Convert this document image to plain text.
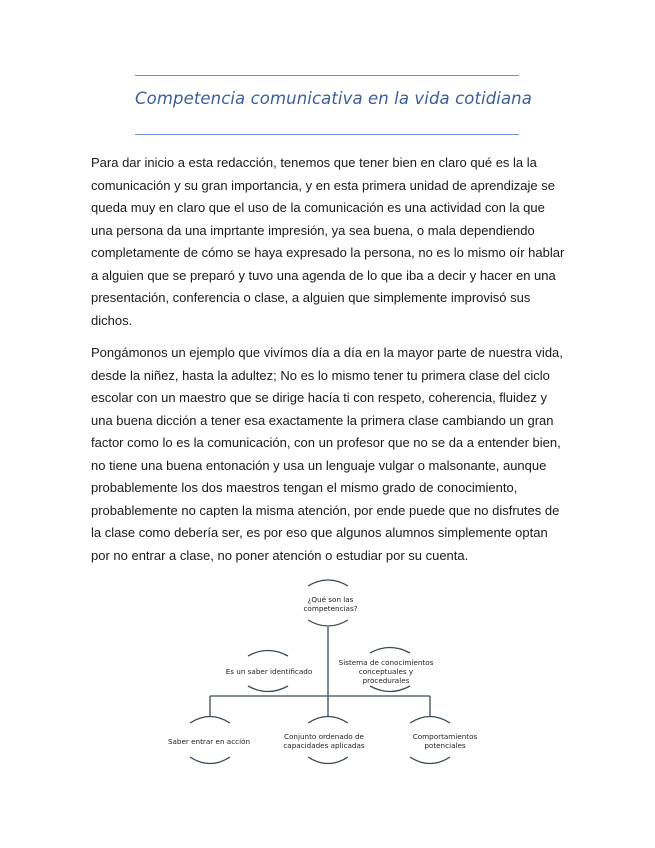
Competencia comunicativa en la vida cotidiana
Para dar inicio a esta redacción, tenemos que tener bien en claro qué es la la
comunicación y su gran importancia, y en esta primera unidad de aprendizaje se
queda muy en claro que el uso de la comunicación es una actividad con la que
una persona da una imprtante impresión, ya sea buena, o mala dependiendo
completamente de cómo se haya expresado la persona, no es lo mismo oír hablar
a alguien que se preparó y tuvo una agenda de lo que iba a decir y hacer en una
presentación, conferencia o clase, a alguien que simplemente improvisó sus
dichos.
Pongámonos un ejemplo que vivímos día a día en la mayor parte de nuestra vida,
desde la niñez, hasta la adultez; No es lo mismo tener tu primera clase del ciclo
escolar con un maestro que se dirige hacía ti con respeto, coherencia, fluidez y
una buena dicción a tener esa exactamente la primera clase cambiando un gran
factor como lo es la comunicación, con un profesor que no se da a entender bien,
no tiene una buena entonación y usa un lenguaje vulgar o malsonante, aunque
probablemente los dos maestros tengan el mismo grado de conocimiento,
probablemente no capten la misma atención, por ende puede que no disfrutes de
la clase como debería ser, es por eso que algunos alumnos simplemente optan
por no entrar a clase, no poner atención o estudiar por su cuenta.
¿Qué son las
competencias?
Es un saber identificado
Sistema de conocimientos
conceptuales y
procedurales
Saber entrar en acción
Conjunto ordenado de
capacidades aplicadas
Comportamientos
potenciales
